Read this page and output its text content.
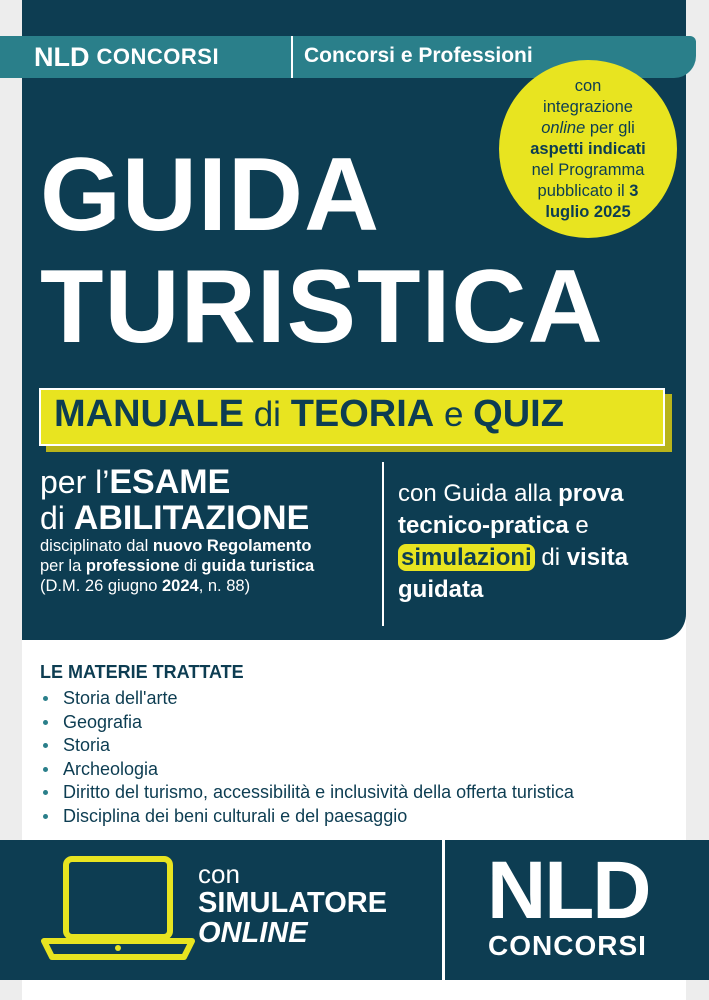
NLD CONCORSI	Concorsi e Professioni
con
integrazione
online per gli
aspetti indicati
nel Programma
pubblicato il 3
luglio 2025
GUIDA
TURISTICA
MANUALE di TEORIA e QUIZ
per l’ESAME
di ABILITAZIONE
disciplinato dal nuovo Regolamento
per la professione di guida turistica
(D.M. 26 giugno 2024, n. 88)
con Guida alla prova
tecnico-pratica e
simulazioni di visita
guidata
LE MATERIE TRATTATE
Storia dell'arte
Geografia
Storia
Archeologia
Diritto del turismo, accessibilità e inclusività della offerta turistica
Disciplina dei beni culturali e del paesaggio
con
SIMULATORE
ONLINE	NLD
CONCORSI
